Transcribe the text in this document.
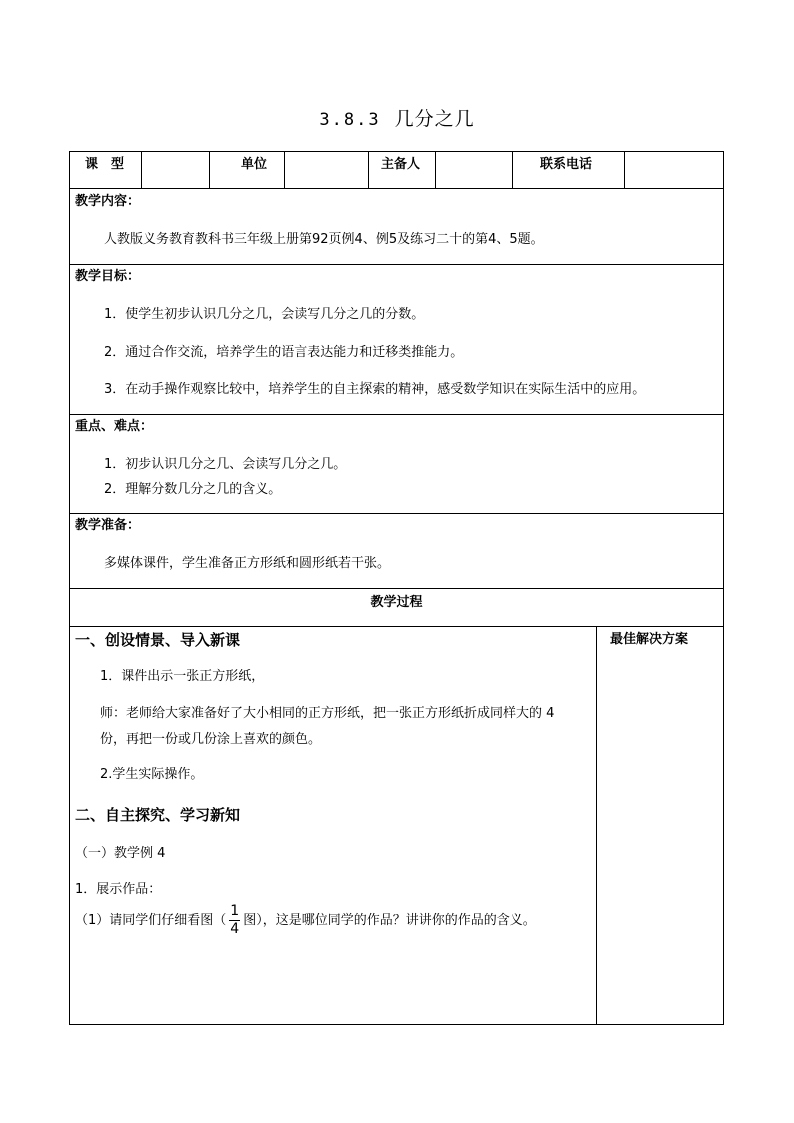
3.8.3 几分之几
课　型	单位	主备人	联系电话
教学内容：
人教版义务教育教科书三年级上册第92页例4、例5及练习二十的第4、5题。
教学目标：
1．使学生初步认识几分之几，会读写几分之几的分数。
2．通过合作交流，培养学生的语言表达能力和迁移类推能力。
3．在动手操作观察比较中，培养学生的自主探索的精神，感受数学知识在实际生活中的应用。
重点、难点：
1．初步认识几分之几、会读写几分之几。
2．理解分数几分之几的含义。
教学准备：
多媒体课件，学生准备正方形纸和圆形纸若干张。
教学过程
最佳解决方案
一、创设情景、导入新课
1．课件出示一张正方形纸，
师：老师给大家准备好了大小相同的正方形纸，把一张正方形纸折成同样大的 4
份，再把一份或几份涂上喜欢的颜色。
2.学生实际操作。
二、自主探究、学习新知
（一）教学例 4
1．展示作品：
（1）请同学们仔细看图（ $\frac{1}{4}$ 图），这是哪位同学的作品？讲讲你的作品的含义。
